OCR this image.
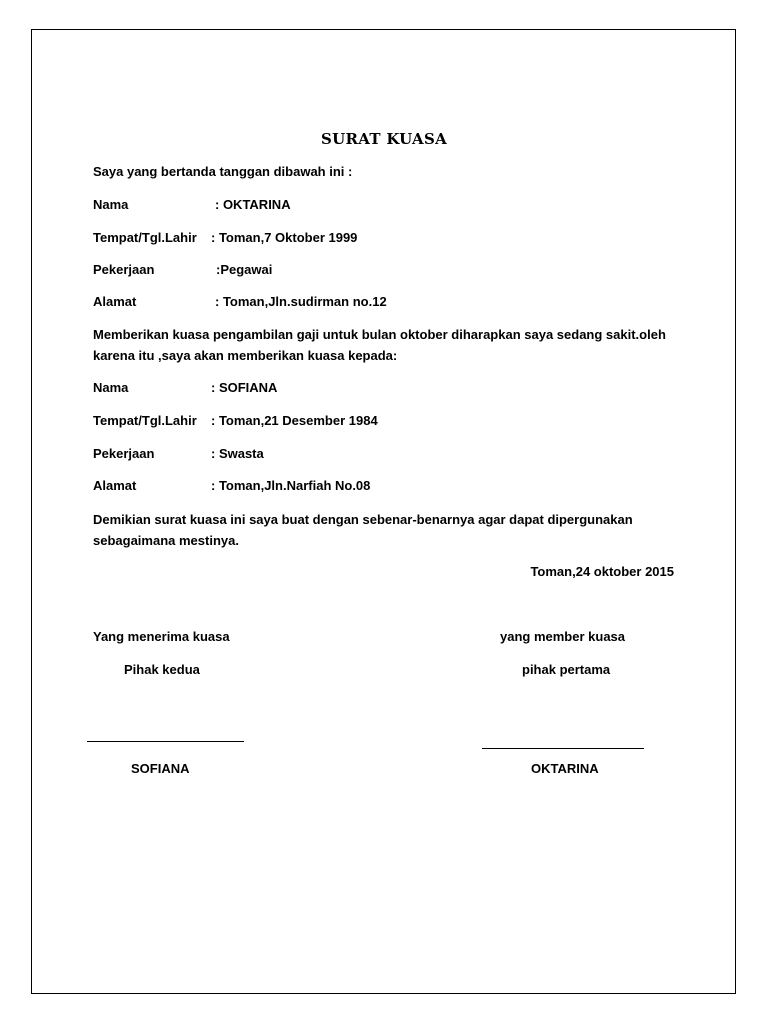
SURAT KUASA
Saya yang bertanda tanggan dibawah ini :
Nama	: OKTARINA
Tempat/Tgl.Lahir : Toman,7 Oktober 1999
Pekerjaan	:Pegawai
Alamat	: Toman,Jln.sudirman no.12
Memberikan kuasa pengambilan gaji untuk bulan oktober diharapkan saya sedang sakit.oleh karena itu ,saya akan memberikan kuasa kepada:
Nama	: SOFIANA
Tempat/Tgl.Lahir : Toman,21 Desember 1984
Pekerjaan	: Swasta
Alamat	: Toman,Jln.Narfiah No.08
Demikian surat kuasa ini saya buat dengan sebenar-benarnya agar dapat dipergunakan sebagaimana mestinya.
Toman,24 oktober 2015
Yang menerima kuasa
Pihak kedua
yang member kuasa
pihak pertama
SOFIANA	OKTARINA
